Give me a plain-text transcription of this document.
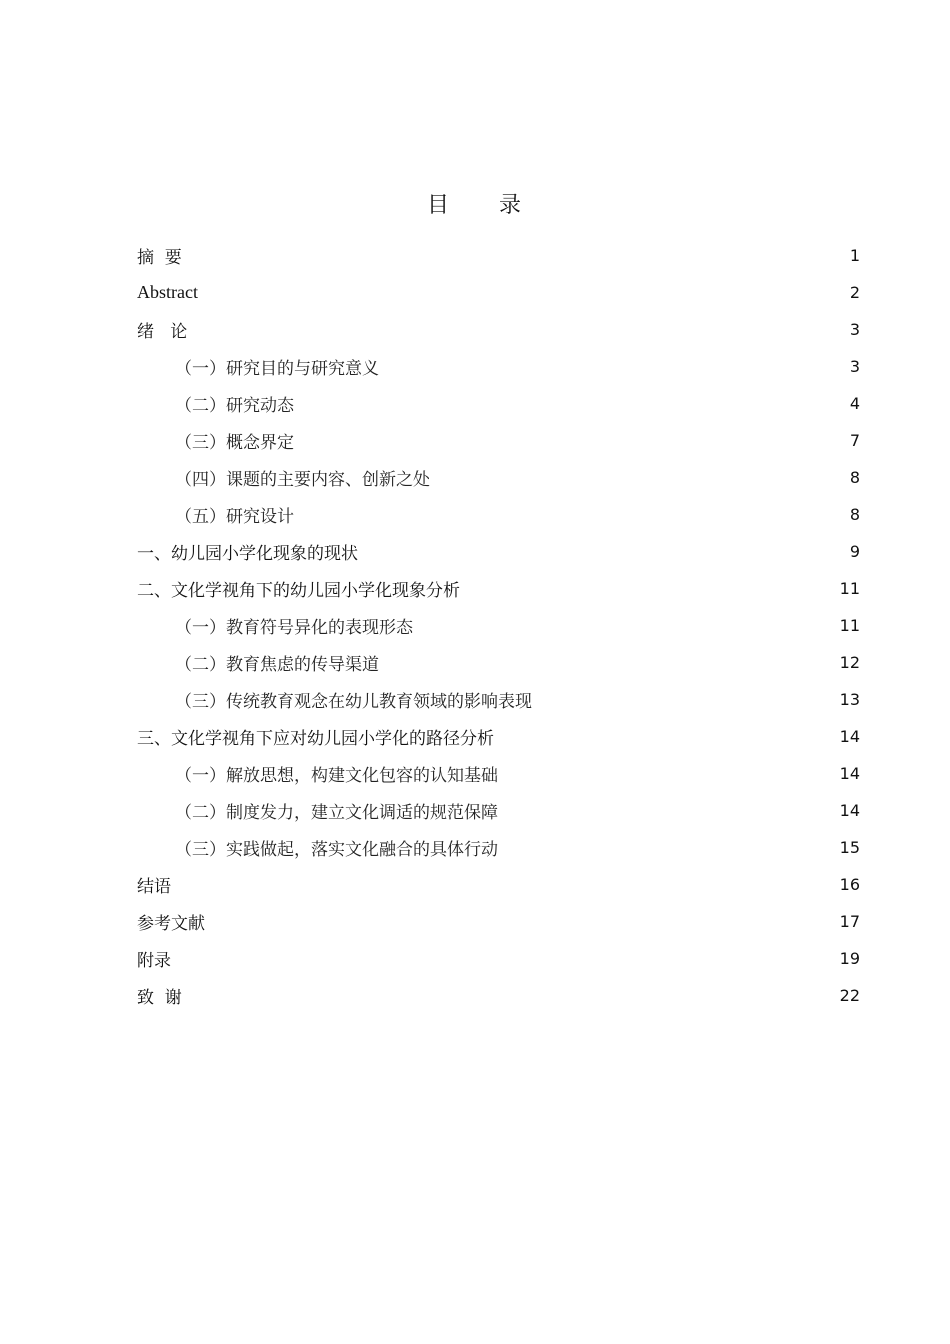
目　　录
摘  要	1
Abstract	2
绪   论	3
（一）研究目的与研究意义	3
（二）研究动态	4
（三）概念界定	7
（四）课题的主要内容、创新之处	8
（五）研究设计	8
一、幼儿园小学化现象的现状	9
二、文化学视角下的幼儿园小学化现象分析	11
（一）教育符号异化的表现形态	11
（二）教育焦虑的传导渠道	12
（三）传统教育观念在幼儿教育领域的影响表现	13
三、文化学视角下应对幼儿园小学化的路径分析	14
（一）解放思想，构建文化包容的认知基础	14
（二）制度发力，建立文化调适的规范保障	14
（三）实践做起，落实文化融合的具体行动	15
结语	16
参考文献	17
附录	19
致  谢	22
